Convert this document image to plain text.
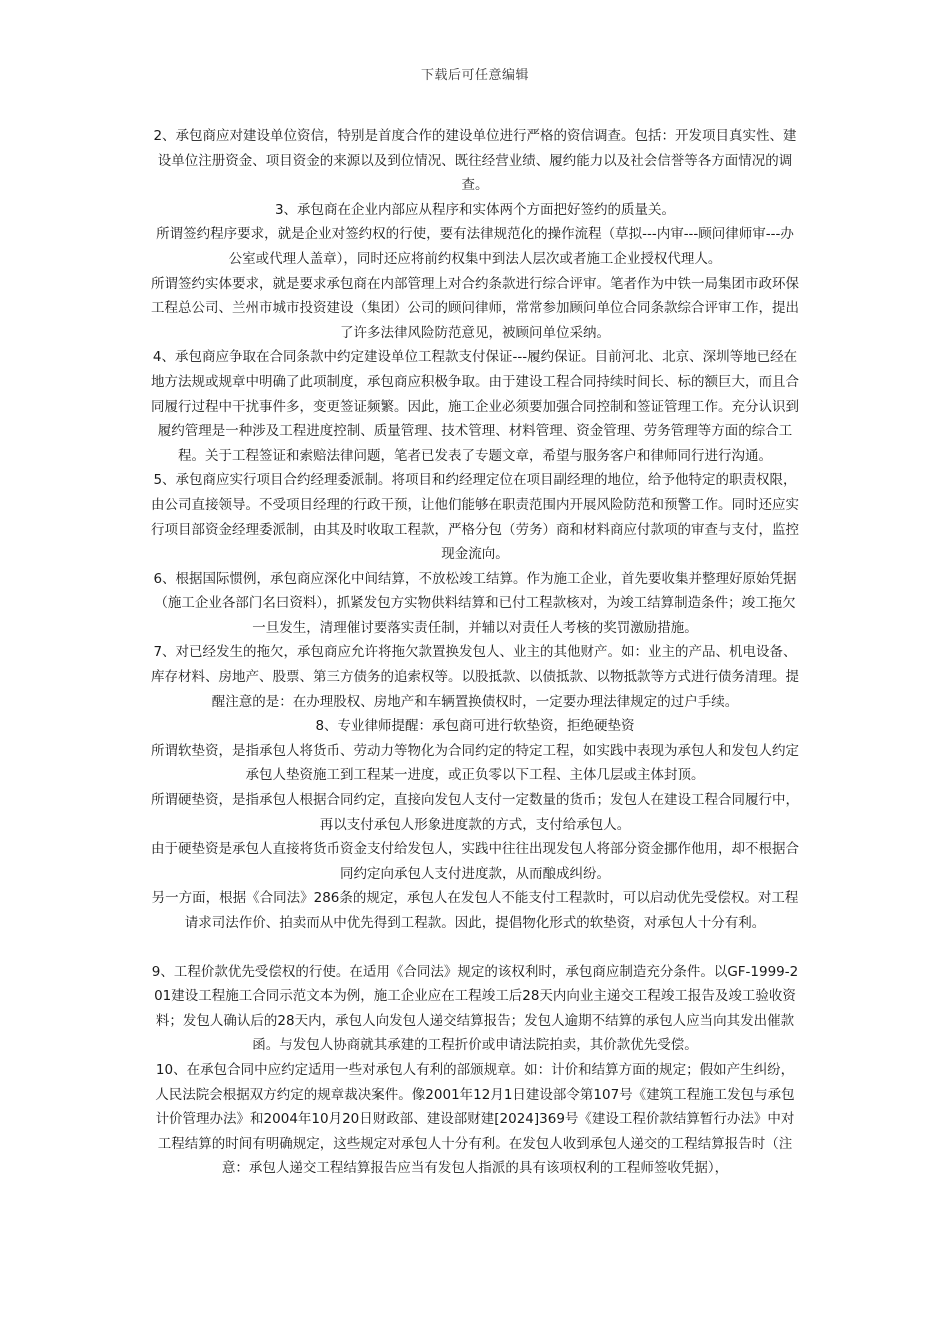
下载后可任意编辑

2、承包商应对建设单位资信，特别是首度合作的建设单位进行严格的资信调查。包括：开发项目真实性、建设单位注册资金、项目资金的来源以及到位情况、既往经营业绩、履约能力以及社会信誉等各方面情况的调查。

3、承包商在企业内部应从程序和实体两个方面把好签约的质量关。

所谓签约程序要求，就是企业对签约权的行使，要有法律规范化的操作流程（草拟---内审---顾问律师审---办公室或代理人盖章），同时还应将前约权集中到法人层次或者施工企业授权代理人。

所谓签约实体要求，就是要求承包商在内部管理上对合约条款进行综合评审。笔者作为中铁一局集团市政环保工程总公司、兰州市城市投资建设（集团）公司的顾问律师，常常参加顾问单位合同条款综合评审工作，提出了许多法律风险防范意见，被顾问单位采纳。

4、承包商应争取在合同条款中约定建设单位工程款支付保证---履约保证。目前河北、北京、深圳等地已经在地方法规或规章中明确了此项制度，承包商应积极争取。由于建设工程合同持续时间长、标的额巨大，而且合同履行过程中干扰事件多，变更签证频繁。因此，施工企业必须要加强合同控制和签证管理工作。充分认识到履约管理是一种涉及工程进度控制、质量管理、技术管理、材料管理、资金管理、劳务管理等方面的综合工程。关于工程签证和索赔法律问题，笔者已发表了专题文章，希望与服务客户和律师同行进行沟通。

5、承包商应实行项目合约经理委派制。将项目和约经理定位在项目副经理的地位，给予他特定的职责权限，由公司直接领导。不受项目经理的行政干预，让他们能够在职责范围内开展风险防范和预警工作。同时还应实行项目部资金经理委派制，由其及时收取工程款，严格分包（劳务）商和材料商应付款项的审查与支付，监控现金流向。

6、根据国际惯例，承包商应深化中间结算，不放松竣工结算。作为施工企业，首先要收集并整理好原始凭据（施工企业各部门名曰资料），抓紧发包方实物供料结算和已付工程款核对，为竣工结算制造条件；竣工拖欠一旦发生，清理催讨要落实责任制，并辅以对责任人考核的奖罚激励措施。

7、对已经发生的拖欠，承包商应允许将拖欠款置换发包人、业主的其他财产。如：业主的产品、机电设备、库存材料、房地产、股票、第三方债务的追索权等。以股抵款、以债抵款、以物抵款等方式进行债务清理。提醒注意的是：在办理股权、房地产和车辆置换债权时，一定要办理法律规定的过户手续。

8、专业律师提醒：承包商可进行软垫资，拒绝硬垫资

所谓软垫资，是指承包人将货币、劳动力等物化为合同约定的特定工程，如实践中表现为承包人和发包人约定承包人垫资施工到工程某一进度，或正负零以下工程、主体几层或主体封顶。

所谓硬垫资，是指承包人根据合同约定，直接向发包人支付一定数量的货币；发包人在建设工程合同履行中，再以支付承包人形象进度款的方式，支付给承包人。

由于硬垫资是承包人直接将货币资金支付给发包人，实践中往往出现发包人将部分资金挪作他用，却不根据合同约定向承包人支付进度款，从而酿成纠纷。

另一方面，根据《合同法》286条的规定，承包人在发包人不能支付工程款时，可以启动优先受偿权。对工程请求司法作价、拍卖而从中优先得到工程款。因此，提倡物化形式的软垫资，对承包人十分有利。

9、工程价款优先受偿权的行使。在适用《合同法》规定的该权利时，承包商应制造充分条件。以GF-1999-201建设工程施工合同示范文本为例，施工企业应在工程竣工后28天内向业主递交工程竣工报告及竣工验收资料；发包人确认后的28天内，承包人向发包人递交结算报告；发包人逾期不结算的承包人应当向其发出催款函。与发包人协商就其承建的工程折价或申请法院拍卖，其价款优先受偿。

10、在承包合同中应约定适用一些对承包人有利的部颁规章。如：计价和结算方面的规定；假如产生纠纷，人民法院会根据双方约定的规章裁决案件。像2001年12月1日建设部令第107号《建筑工程施工发包与承包计价管理办法》和2004年10月20日财政部、建设部财建[2024]369号《建设工程价款结算暂行办法》中对工程结算的时间有明确规定，这些规定对承包人十分有利。在发包人收到承包人递交的工程结算报告时（注意：承包人递交工程结算报告应当有发包人指派的具有该项权利的工程师签收凭据），
